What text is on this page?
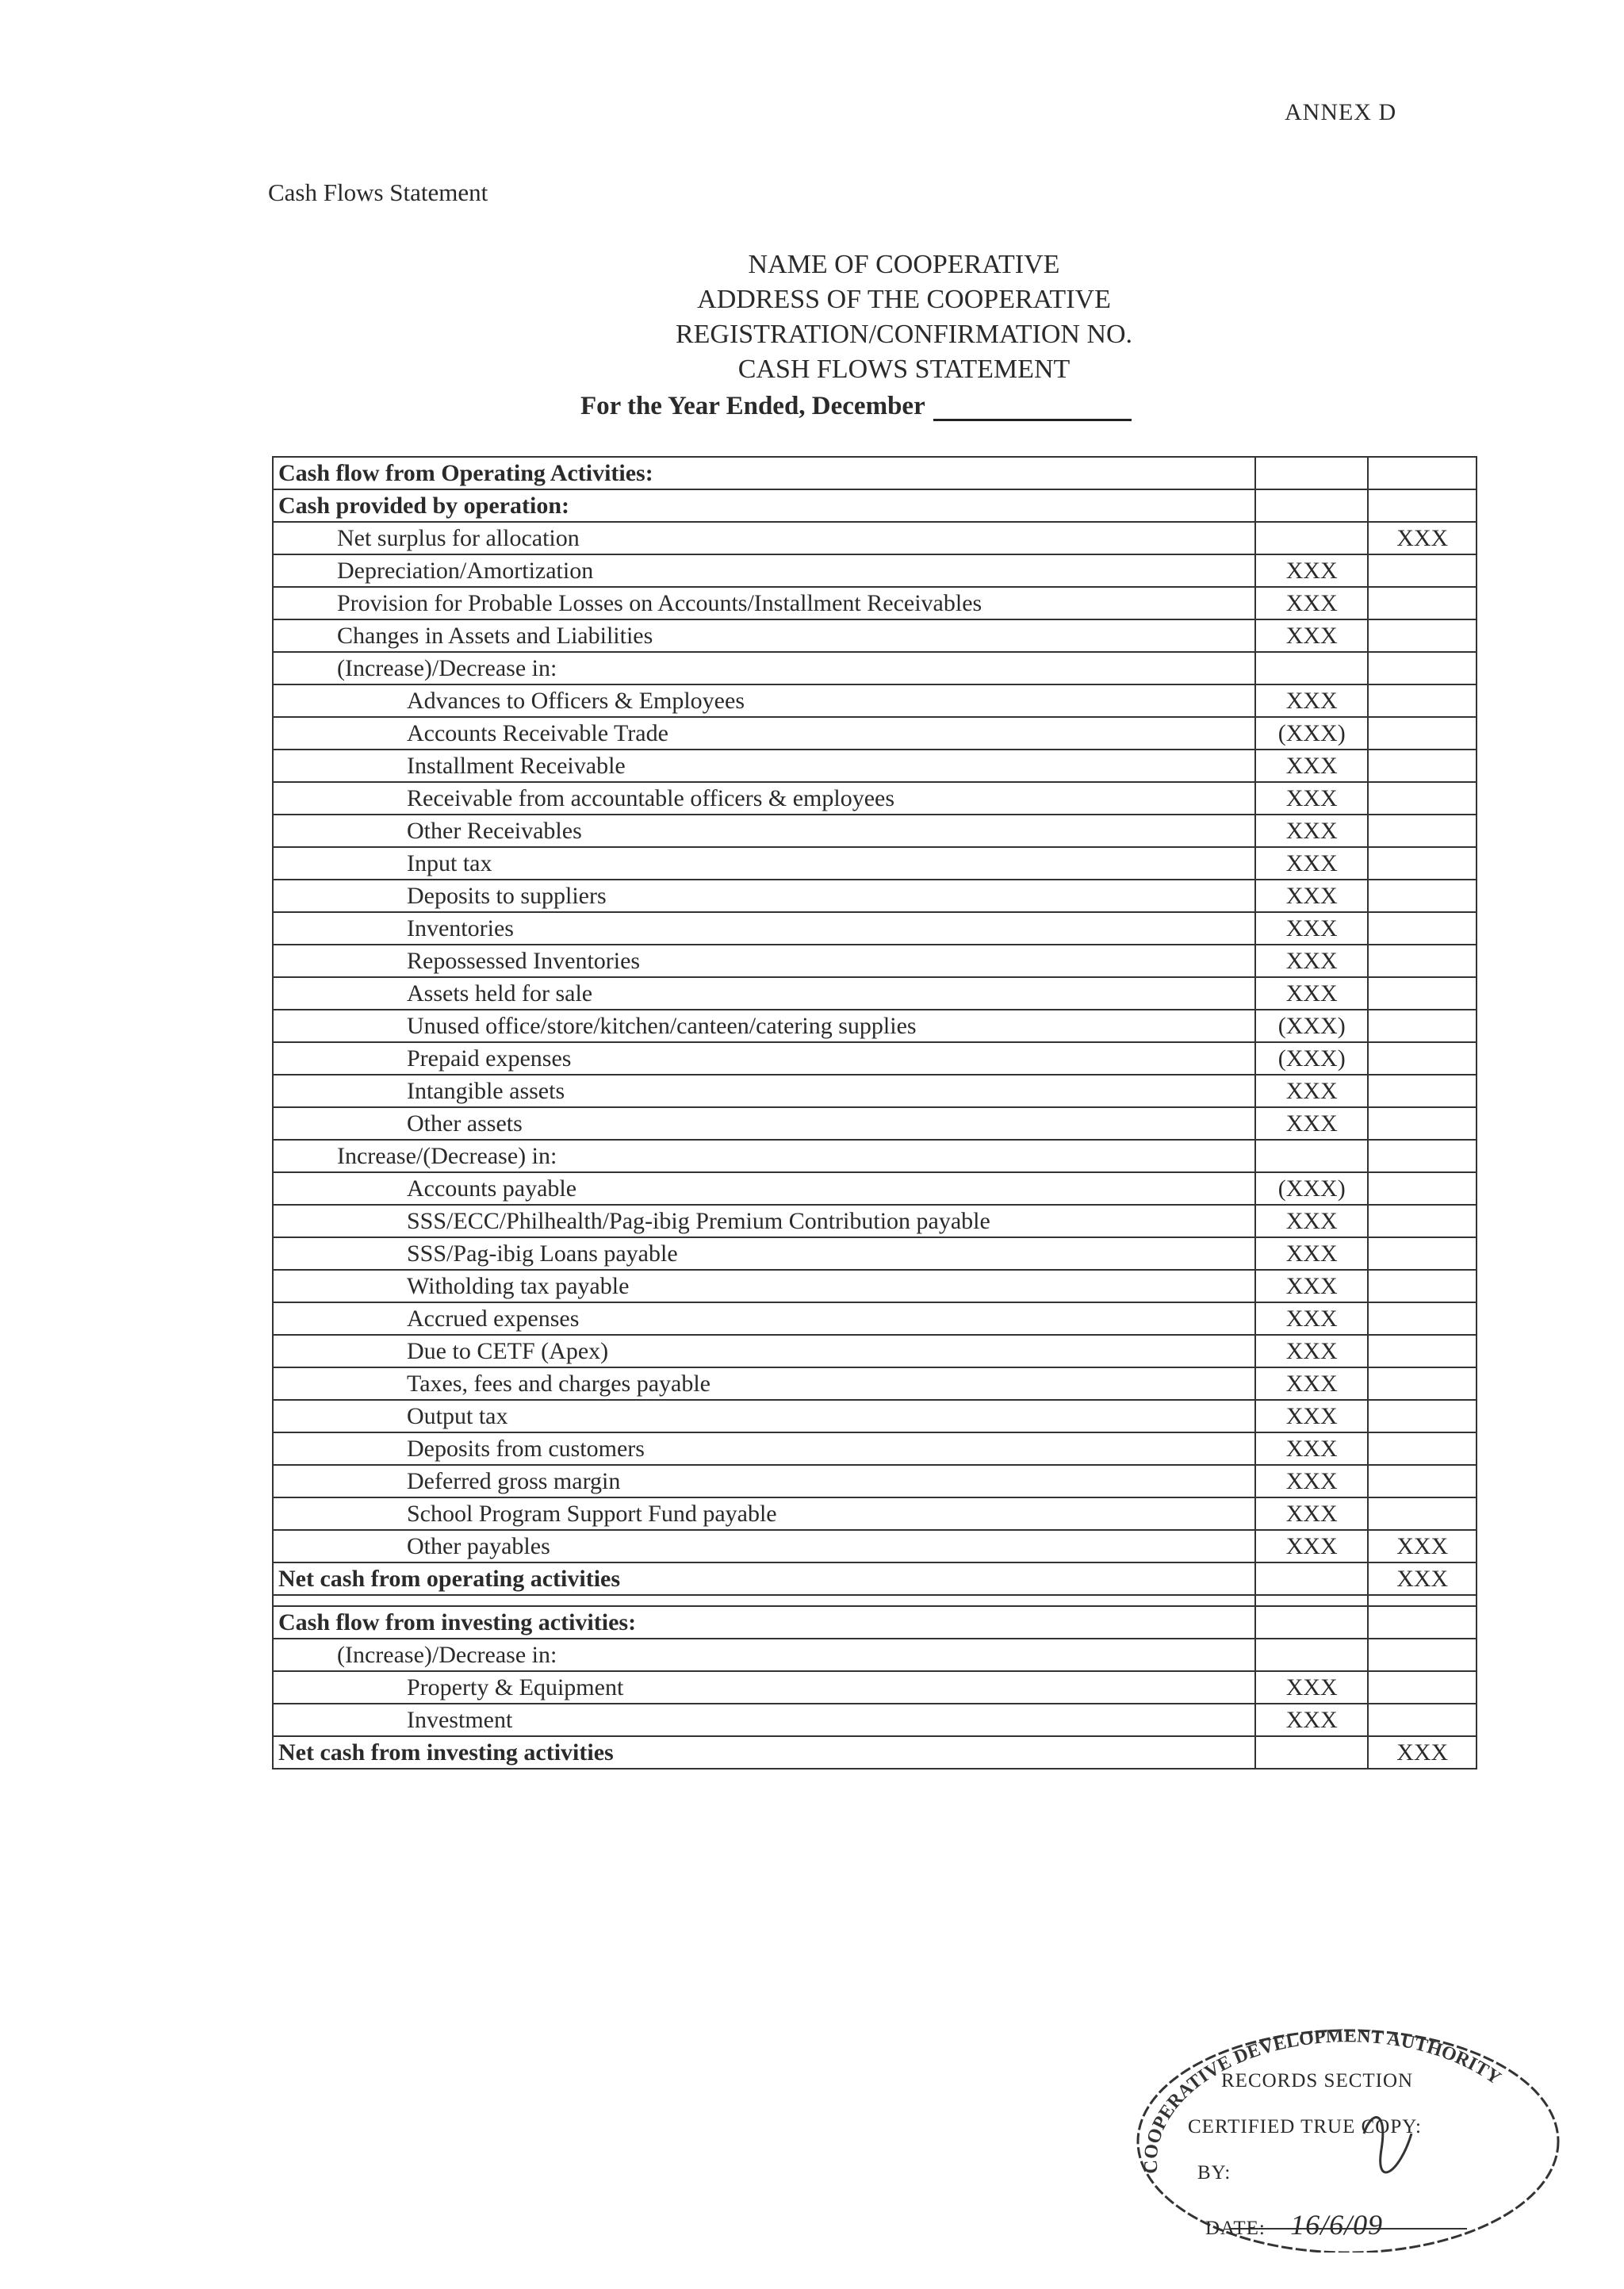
ANNEX D
Cash Flows Statement
NAME OF COOPERATIVE
ADDRESS OF THE COOPERATIVE
REGISTRATION/CONFIRMATION NO.
CASH FLOWS STATEMENT
For the Year Ended, December
Cash flow from Operating Activities:		
Cash provided by operation:		
Net surplus for allocation		XXX
Depreciation/Amortization	XXX	
Provision for Probable Losses on Accounts/Installment Receivables	XXX	
Changes in Assets and Liabilities	XXX	
(Increase)/Decrease in:		
Advances to Officers & Employees	XXX	
Accounts Receivable Trade	(XXX)	
Installment Receivable	XXX	
Receivable from accountable officers & employees	XXX	
Other Receivables	XXX	
Input tax	XXX	
Deposits to suppliers	XXX	
Inventories	XXX	
Repossessed Inventories	XXX	
Assets held for sale	XXX	
Unused office/store/kitchen/canteen/catering supplies	(XXX)	
Prepaid expenses	(XXX)	
Intangible assets	XXX	
Other assets	XXX	
Increase/(Decrease) in:		
Accounts payable	(XXX)	
SSS/ECC/Philhealth/Pag-ibig Premium Contribution payable	XXX	
SSS/Pag-ibig Loans payable	XXX	
Witholding tax payable	XXX	
Accrued expenses	XXX	
Due to CETF (Apex)	XXX	
Taxes, fees and charges payable	XXX	
Output tax	XXX	
Deposits from customers	XXX	
Deferred gross margin	XXX	
School Program Support Fund payable	XXX	
Other payables	XXX	XXX
Net cash from operating activities		XXX

Cash flow from investing activities:		
(Increase)/Decrease in:		
Property & Equipment	XXX	
Investment	XXX	
Net cash from investing activities		XXX
COOPERATIVE DEVELOPMENT AUTHORITY
RECORDS SECTION
CERTIFIED TRUE COPY:
BY:
DATE: 16/6/09
